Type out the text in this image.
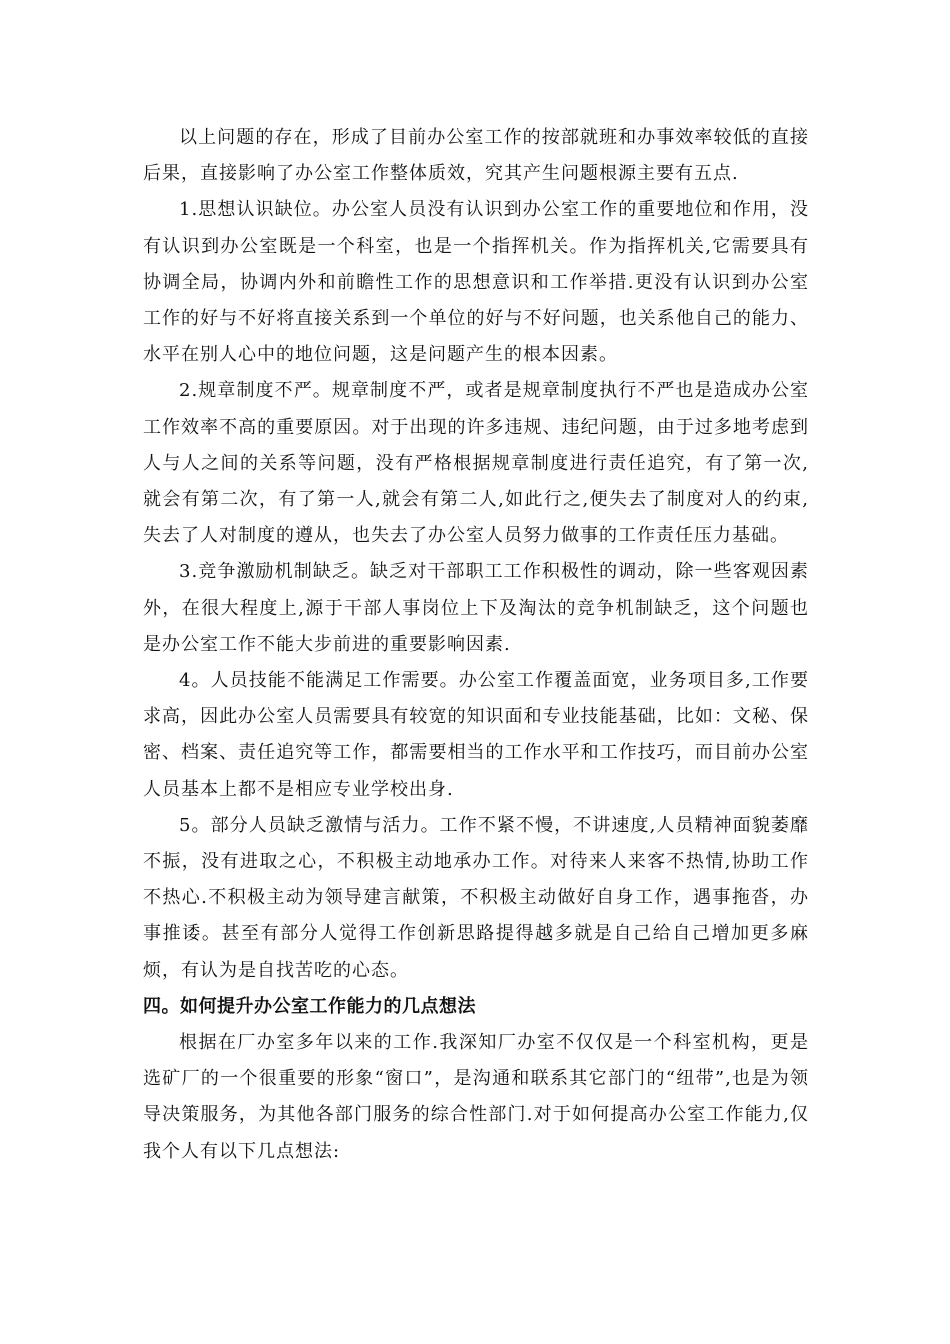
以上问题的存在，形成了目前办公室工作的按部就班和办事效率较低的直接后果，直接影响了办公室工作整体质效，究其产生问题根源主要有五点.

1.思想认识缺位。办公室人员没有认识到办公室工作的重要地位和作用，没有认识到办公室既是一个科室，也是一个指挥机关。作为指挥机关,它需要具有协调全局，协调内外和前瞻性工作的思想意识和工作举措.更没有认识到办公室工作的好与不好将直接关系到一个单位的好与不好问题，也关系他自己的能力、水平在别人心中的地位问题，这是问题产生的根本因素。

2.规章制度不严。规章制度不严，或者是规章制度执行不严也是造成办公室工作效率不高的重要原因。对于出现的许多违规、违纪问题，由于过多地考虑到人与人之间的关系等问题，没有严格根据规章制度进行责任追究，有了第一次,就会有第二次，有了第一人,就会有第二人,如此行之,便失去了制度对人的约束,失去了人对制度的遵从，也失去了办公室人员努力做事的工作责任压力基础。

3.竞争激励机制缺乏。缺乏对干部职工工作积极性的调动，除一些客观因素外，在很大程度上,源于干部人事岗位上下及淘汰的竞争机制缺乏，这个问题也是办公室工作不能大步前进的重要影响因素.

4。人员技能不能满足工作需要。办公室工作覆盖面宽，业务项目多,工作要求高，因此办公室人员需要具有较宽的知识面和专业技能基础，比如：文秘、保密、档案、责任追究等工作，都需要相当的工作水平和工作技巧，而目前办公室人员基本上都不是相应专业学校出身.

5。部分人员缺乏激情与活力。工作不紧不慢，不讲速度,人员精神面貌萎靡不振，没有进取之心，不积极主动地承办工作。对待来人来客不热情,协助工作不热心.不积极主动为领导建言献策，不积极主动做好自身工作，遇事拖沓，办事推诿。甚至有部分人觉得工作创新思路提得越多就是自己给自己增加更多麻烦，有认为是自找苦吃的心态。

四。如何提升办公室工作能力的几点想法

根据在厂办室多年以来的工作.我深知厂办室不仅仅是一个科室机构，更是选矿厂的一个很重要的形象“窗口”，是沟通和联系其它部门的“纽带”,也是为领导决策服务，为其他各部门服务的综合性部门.对于如何提高办公室工作能力,仅我个人有以下几点想法:
